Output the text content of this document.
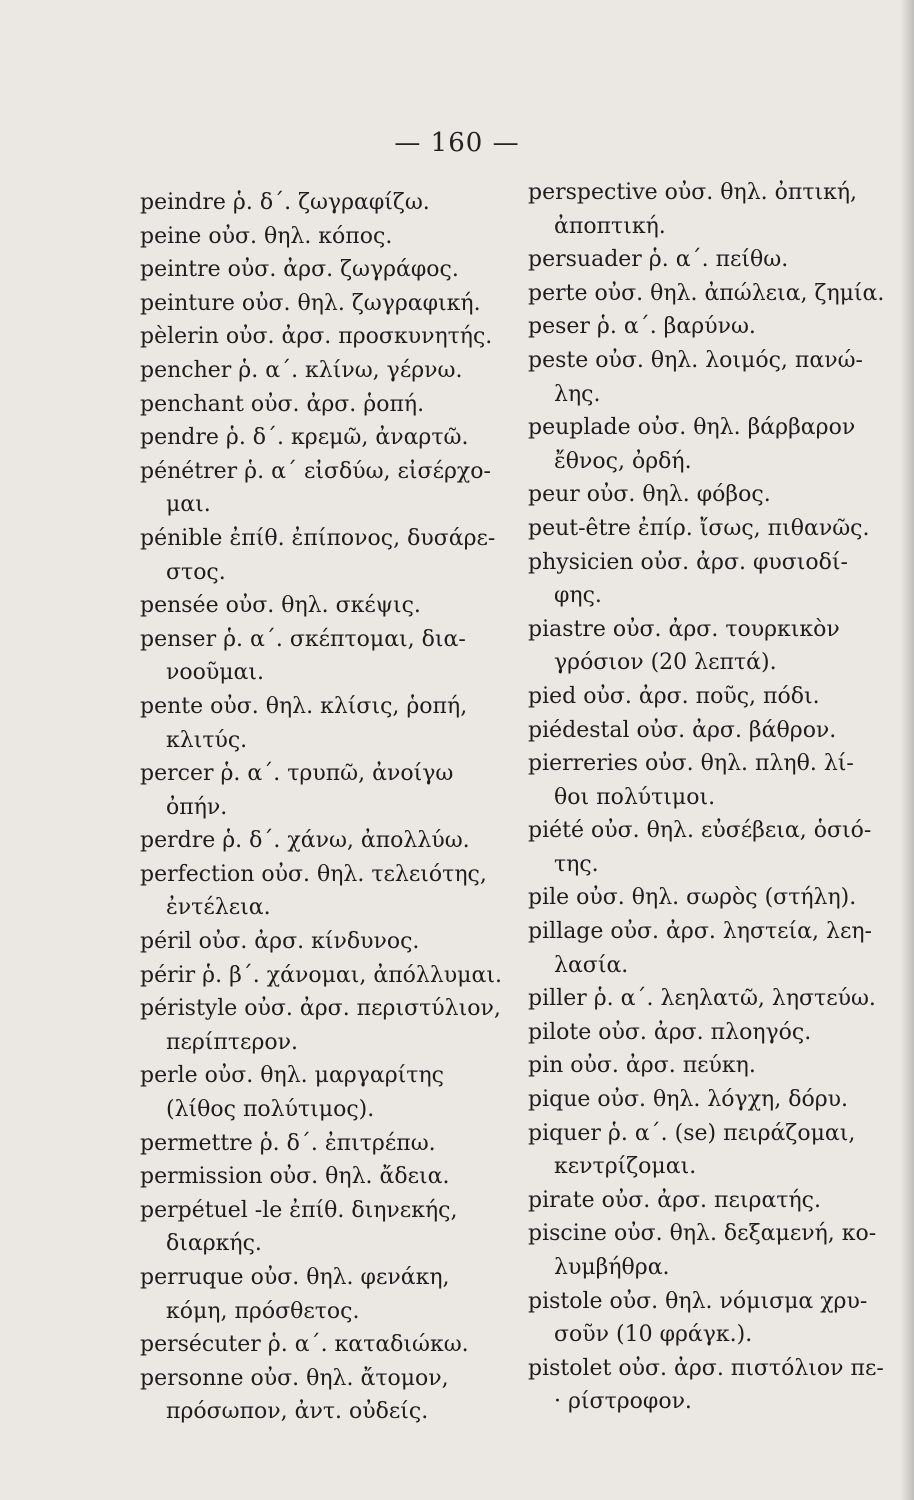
— 160 —
peindre ῥ. δ΄. ζωγραφίζω.
peine οὐσ. θηλ. κόπος.
peintre οὐσ. ἀρσ. ζωγράφος.
peinture οὐσ. θηλ. ζωγραφική.
pèlerin οὐσ. ἀρσ. προσκυνητής.
pencher ῥ. α΄. κλίνω, γέρνω.
penchant οὐσ. ἀρσ. ῥοπή.
pendre ῥ. δ΄. κρεμῶ, ἀναρτῶ.
pénétrer ῥ. α΄ εἰσδύω, εἰσέρχο-
μαι.
pénible ἐπίθ. ἐπίπονος, δυσάρε-
στος.
pensée οὐσ. θηλ. σκέψις.
penser ῥ. α΄. σκέπτομαι, δια-
νοοῦμαι.
pente οὐσ. θηλ. κλίσις, ῥοπή,
κλιτύς.
percer ῥ. α΄. τρυπῶ, ἀνοίγω
ὀπήν.
perdre ῥ. δ΄. χάνω, ἀπολλύω.
perfection οὐσ. θηλ. τελειότης,
ἐντέλεια.
péril οὐσ. ἀρσ. κίνδυνος.
périr ῥ. β΄. χάνομαι, ἀπόλλυμαι.
péristyle οὐσ. ἀρσ. περιστύλιον,
περίπτερον.
perle οὐσ. θηλ. μαργαρίτης
(λίθος πολύτιμος).
permettre ῥ. δ΄. ἐπιτρέπω.
permission οὐσ. θηλ. ἄδεια.
perpétuel -le ἐπίθ. διηνεκής,
διαρκής.
perruque οὐσ. θηλ. φενάκη,
κόμη, πρόσθετος.
persécuter ῥ. α΄. καταδιώκω.
personne οὐσ. θηλ. ἄτομον,
πρόσωπον, ἀντ. οὐδείς.
perspective οὐσ. θηλ. ὀπτική,
ἀποπτική.
persuader ῥ. α΄. πείθω.
perte οὐσ. θηλ. ἀπώλεια, ζημία.
peser ῥ. α΄. βαρύνω.
peste οὐσ. θηλ. λοιμός, πανώ-
λης.
peuplade οὐσ. θηλ. βάρβαρον
ἔθνος, ὀρδή.
peur οὐσ. θηλ. φόβος.
peut-être ἐπίρ. ἴσως, πιθανῶς.
physicien οὐσ. ἀρσ. φυσιοδί-
φης.
piastre οὐσ. ἀρσ. τουρκικὸν
γρόσιον (20 λεπτά).
pied οὐσ. ἀρσ. ποῦς, πόδι.
piédestal οὐσ. ἀρσ. βάθρον.
pierreries οὐσ. θηλ. πληθ. λί-
θοι πολύτιμοι.
piété οὐσ. θηλ. εὐσέβεια, ὁσιό-
της.
pile οὐσ. θηλ. σωρὸς (στήλη).
pillage οὐσ. ἀρσ. ληστεία, λεη-
λασία.
piller ῥ. α΄. λεηλατῶ, ληστεύω.
pilote οὐσ. ἀρσ. πλοηγός.
pin οὐσ. ἀρσ. πεύκη.
pique οὐσ. θηλ. λόγχη, δόρυ.
piquer ῥ. α΄. (se) πειράζομαι,
κεντρίζομαι.
pirate οὐσ. ἀρσ. πειρατής.
piscine οὐσ. θηλ. δεξαμενή, κο-
λυμβήθρα.
pistole οὐσ. θηλ. νόμισμα χρυ-
σοῦν (10 φράγκ.).
pistolet οὐσ. ἀρσ. πιστόλιον πε-
· ρίστροφον.
